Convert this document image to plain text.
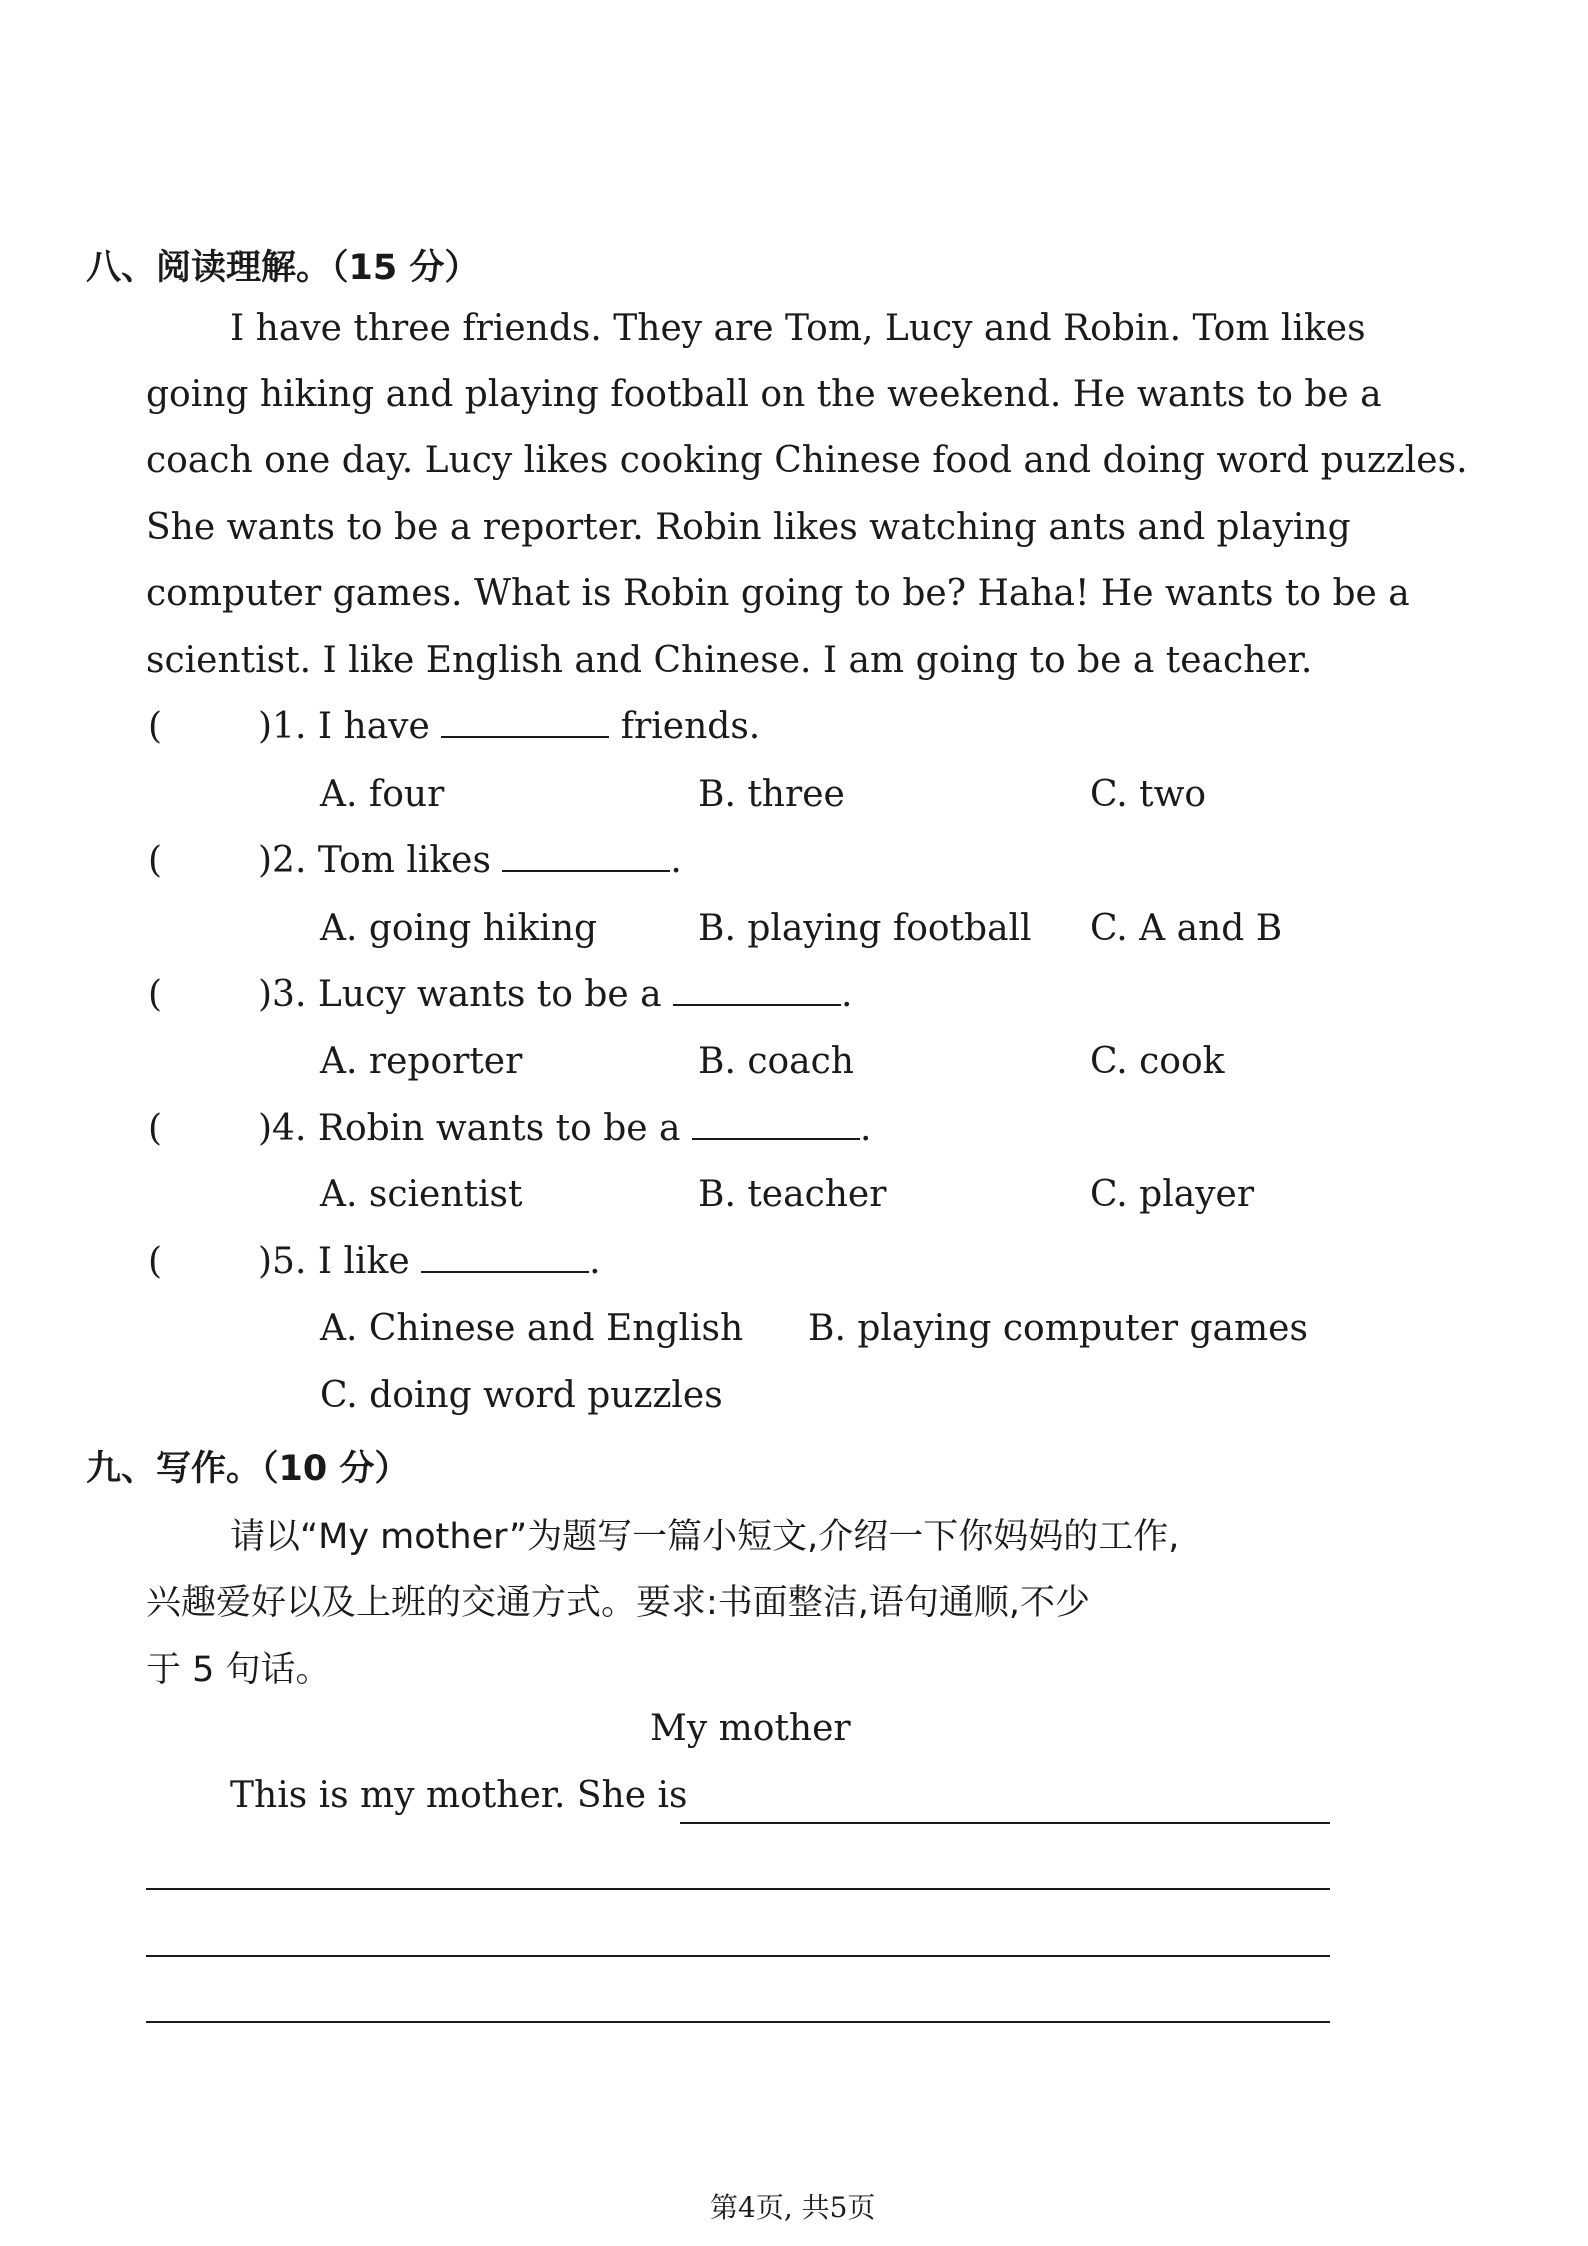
八、阅读理解。（15 分）
I have three friends. They are Tom, Lucy and Robin. Tom likes
going hiking and playing football on the weekend. He wants to be a
coach one day. Lucy likes cooking Chinese food and doing word puzzles.
She wants to be a reporter. Robin likes watching ants and playing
computer games. What is Robin going to be? Haha! He wants to be a
scientist. I like English and Chinese. I am going to be a teacher.
(	)1. I have	friends.
A. four	B. three	C. two
(	)2. Tom likes	.
A. going hiking	B. playing football C. A and B
(	)3. Lucy wants to be a	.
A. reporter	B. coach	C. cook
(	)4. Robin wants to be a	.
A. scientist	B. teacher	C. player
(	)5. I like	.
A. Chinese and English B. playing computer games
C. doing word puzzles
九、写作。（10 分）
请以“My mother”为题写一篇小短文,介绍一下你妈妈的工作,
兴趣爱好以及上班的交通方式。要求:书面整洁,语句通顺,不少
于 5 句话。
My mother
This is my mother. She is
第4页, 共5页
